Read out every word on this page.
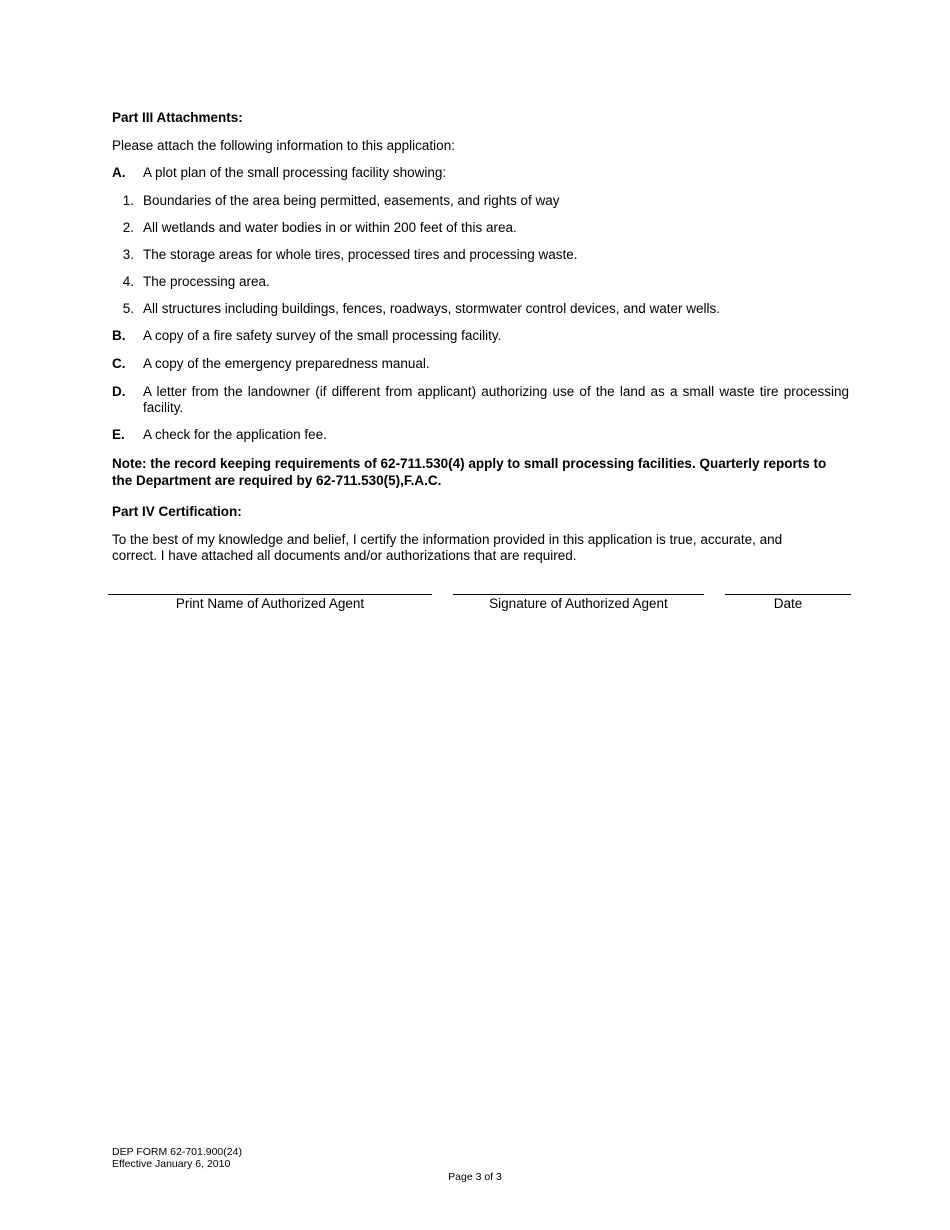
Part III Attachments:
Please attach the following information to this application:
A. A plot plan of the small processing facility showing:
1. Boundaries of the area being permitted, easements, and rights of way
2. All wetlands and water bodies in or within 200 feet of this area.
3. The storage areas for whole tires, processed tires and processing waste.
4. The processing area.
5. All structures including buildings, fences, roadways, stormwater control devices, and water wells.
B. A copy of a fire safety survey of the small processing facility.
C. A copy of the emergency preparedness manual.
D. A letter from the landowner (if different from applicant) authorizing use of the land as a small waste tire processing facility.
E. A check for the application fee.
Note: the record keeping requirements of 62-711.530(4) apply to small processing facilities. Quarterly reports to the Department are required by 62-711.530(5),F.A.C.
Part IV Certification:
To the best of my knowledge and belief, I certify the information provided in this application is true, accurate, and correct. I have attached all documents and/or authorizations that are required.
Print Name of Authorized Agent	Signature of Authorized Agent	Date
DEP FORM 62-701.900(24)
Effective January 6, 2010
Page 3 of 3
